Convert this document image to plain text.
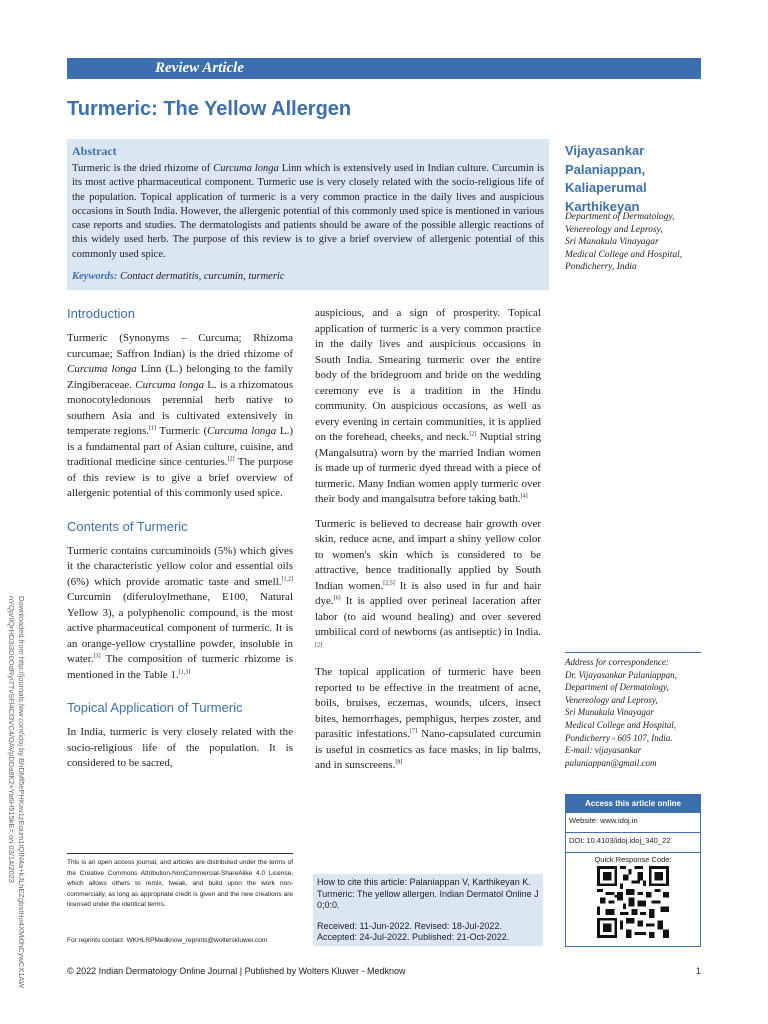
Review Article
Turmeric: The Yellow Allergen
Downloaded from http://journals.lww.com/idoj by BhDMf5ePHKav1zEoum1tQfN4a+kJLhEZgbsIHo4XMi0hCywCX1AW
nYQp/IlQrHD3i3D0OdRyi7TvSFl4Cf3VC4/OAVpDDa8K2+Ya6H515kE= on 03/14/2023
Abstract

Turmeric is the dried rhizome of Curcuma longa Linn which is extensively used in Indian culture. Curcumin is its most active pharmaceutical component. Turmeric use is very closely related with the socio-religious life of the population. Topical application of turmeric is a very common practice in the daily lives and auspicious occasions in South India. However, the allergenic potential of this commonly used spice is mentioned in various case reports and studies. The dermatologists and patients should be aware of the possible allergic reactions of this widely used herb. The purpose of this review is to give a brief overview of allergenic potential of this commonly used spice.

Keywords: Contact dermatitis, curcumin, turmeric
Vijayasankar
Palaniappan,
Kaliaperumal
Karthikeyan
Department of Dermatology,
Venereology and Leprosy,
Sri Manakula Vinayagar
Medical College and Hospital,
Pondicherry, India
Introduction

Turmeric (Synonyms – Curcuma; Rhizoma curcumae; Saffron Indian) is the dried rhizome of Curcuma longa Linn (L.) belonging to the family Zingiberaceae. Curcuma longa L. is a rhizomatous monocotyledonous perennial herb native to southern Asia and is cultivated extensively in temperate regions.[1] Turmeric (Curcuma longa L.) is a fundamental part of Asian culture, cuisine, and traditional medicine since centuries.[2] The purpose of this review is to give a brief overview of allergenic potential of this commonly used spice.

Contents of Turmeric

Turmeric contains curcuminoids (5%) which gives it the characteristic yellow color and essential oils (6%) which provide aromatic taste and smell.[1,2] Curcumin (diferuloylmethane, E100, Natural Yellow 3), a polyphenolic compound, is the most active pharmaceutical component of turmeric. It is an orange-yellow crystalline powder, insoluble in water.[3] The composition of turmeric rhizome is mentioned in the Table 1.[1,3]

Topical Application of Turmeric

In India, turmeric is very closely related with the socio-religious life of the population. It is considered to be sacred,

auspicious, and a sign of prosperity. Topical application of turmeric is a very common practice in the daily lives and auspicious occasions in South India. Smearing turmeric over the entire body of the bridegroom and bride on the wedding ceremony eve is a tradition in the Hindu community. On auspicious occasions, as well as every evening in certain communities, it is applied on the forehead, cheeks, and neck.[2] Nuptial string (Mangalsutra) worn by the married Indian women is made up of turmeric dyed thread with a piece of turmeric. Many Indian women apply turmeric over their body and mangalsutra before taking bath.[4]

Turmeric is believed to decrease hair growth over skin, reduce acne, and impart a shiny yellow color to women's skin which is considered to be attractive, hence traditionally applied by South Indian women.[2,5] It is also used in fur and hair dye.[6] It is applied over perineal laceration after labor (to aid wound healing) and over severed umbilical cord of newborns (as antiseptic) in India.[2]

The topical application of turmeric have been reported to be effective in the treatment of acne, boils, bruises, eczemas, wounds, ulcers, insect bites, hemorrhages, pemphigus, herpes zoster, and parasitic infestations.[7] Nano-capsulated curcumin is useful in cosmetics as face masks, in lip balms, and in sunscreens.[8]

This is an open access journal, and articles are distributed under the terms of the Creative Commons Attribution-NonCommercial-ShareAlike 4.0 License, which allows others to remix, tweak, and build upon the work non-commercially, as long as appropriate credit is given and the new creations are licensed under the identical terms.
For reprints contact: WKHLRPMedknow_reprints@wolterskluwer.com
How to cite this article: Palaniappan V, Karthikeyan K. Turmeric: The yellow allergen. Indian Dermatol Online J 0;0:0.
Received: 11-Jun-2022. Revised: 18-Jul-2022.
Accepted: 24-Jul-2022. Published: 21-Oct-2022.
Address for correspondence:
Dr. Vijayasankar Palaniappan,
Department of Dermatology,
Venereology and Leprosy,
Sri Manakula Vinayagar
Medical College and Hospital,
Pondicherry - 605 107, India.
E-mail: vijayasankar
palaniappan@gmail.com
Access this article online
Website: www.idoj.in
DOI: 10.4103/idoj.idoj_340_22
Quick Response Code:
© 2022 Indian Dermatology Online Journal | Published by Wolters Kluwer - Medknow	1
